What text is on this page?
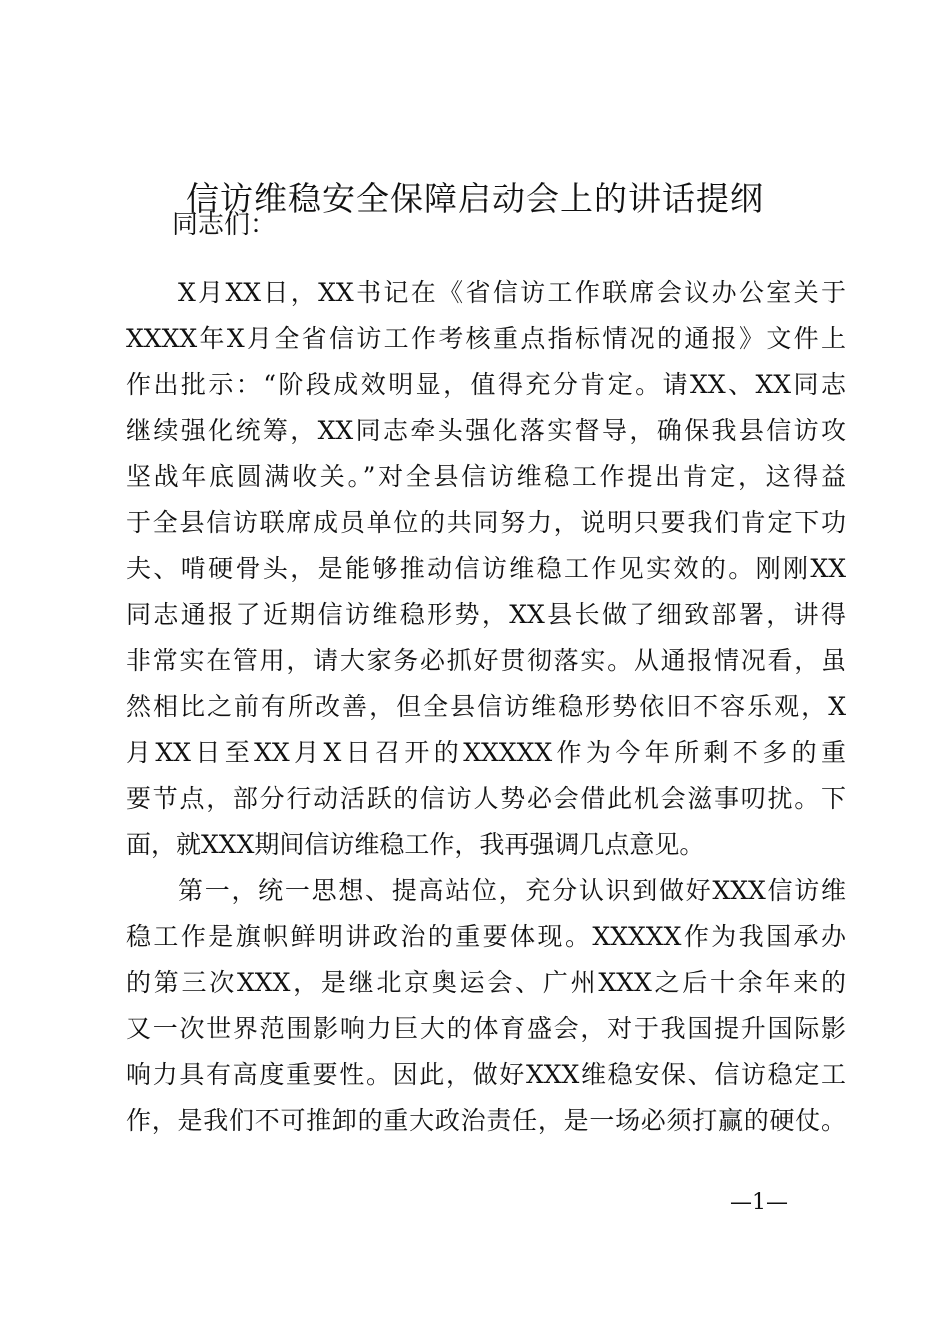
信访维稳安全保障启动会上的讲话提纲

同志们：

X月XX日，XX书记在《省信访工作联席会议办公室关于
XXXX年X月全省信访工作考核重点指标情况的通报》文件上
作出批示：“阶段成效明显，值得充分肯定。请XX、XX同志
继续强化统筹，XX同志牵头强化落实督导，确保我县信访攻
坚战年底圆满收关。”对全县信访维稳工作提出肯定，这得益
于全县信访联席成员单位的共同努力，说明只要我们肯定下功
夫、啃硬骨头，是能够推动信访维稳工作见实效的。刚刚XX
同志通报了近期信访维稳形势，XX县长做了细致部署，讲得
非常实在管用，请大家务必抓好贯彻落实。从通报情况看，虽
然相比之前有所改善，但全县信访维稳形势依旧不容乐观，X
月XX日至XX月X日召开的XXXXX作为今年所剩不多的重
要节点，部分行动活跃的信访人势必会借此机会滋事叨扰。下
面，就XXX期间信访维稳工作，我再强调几点意见。
第一，统一思想、提高站位，充分认识到做好XXX信访维
稳工作是旗帜鲜明讲政治的重要体现。XXXXX作为我国承办
的第三次XXX，是继北京奥运会、广州XXX之后十余年来的
又一次世界范围影响力巨大的体育盛会，对于我国提升国际影
响力具有高度重要性。因此，做好XXX维稳安保、信访稳定工
作，是我们不可推卸的重大政治责任，是一场必须打赢的硬仗。

—1—
